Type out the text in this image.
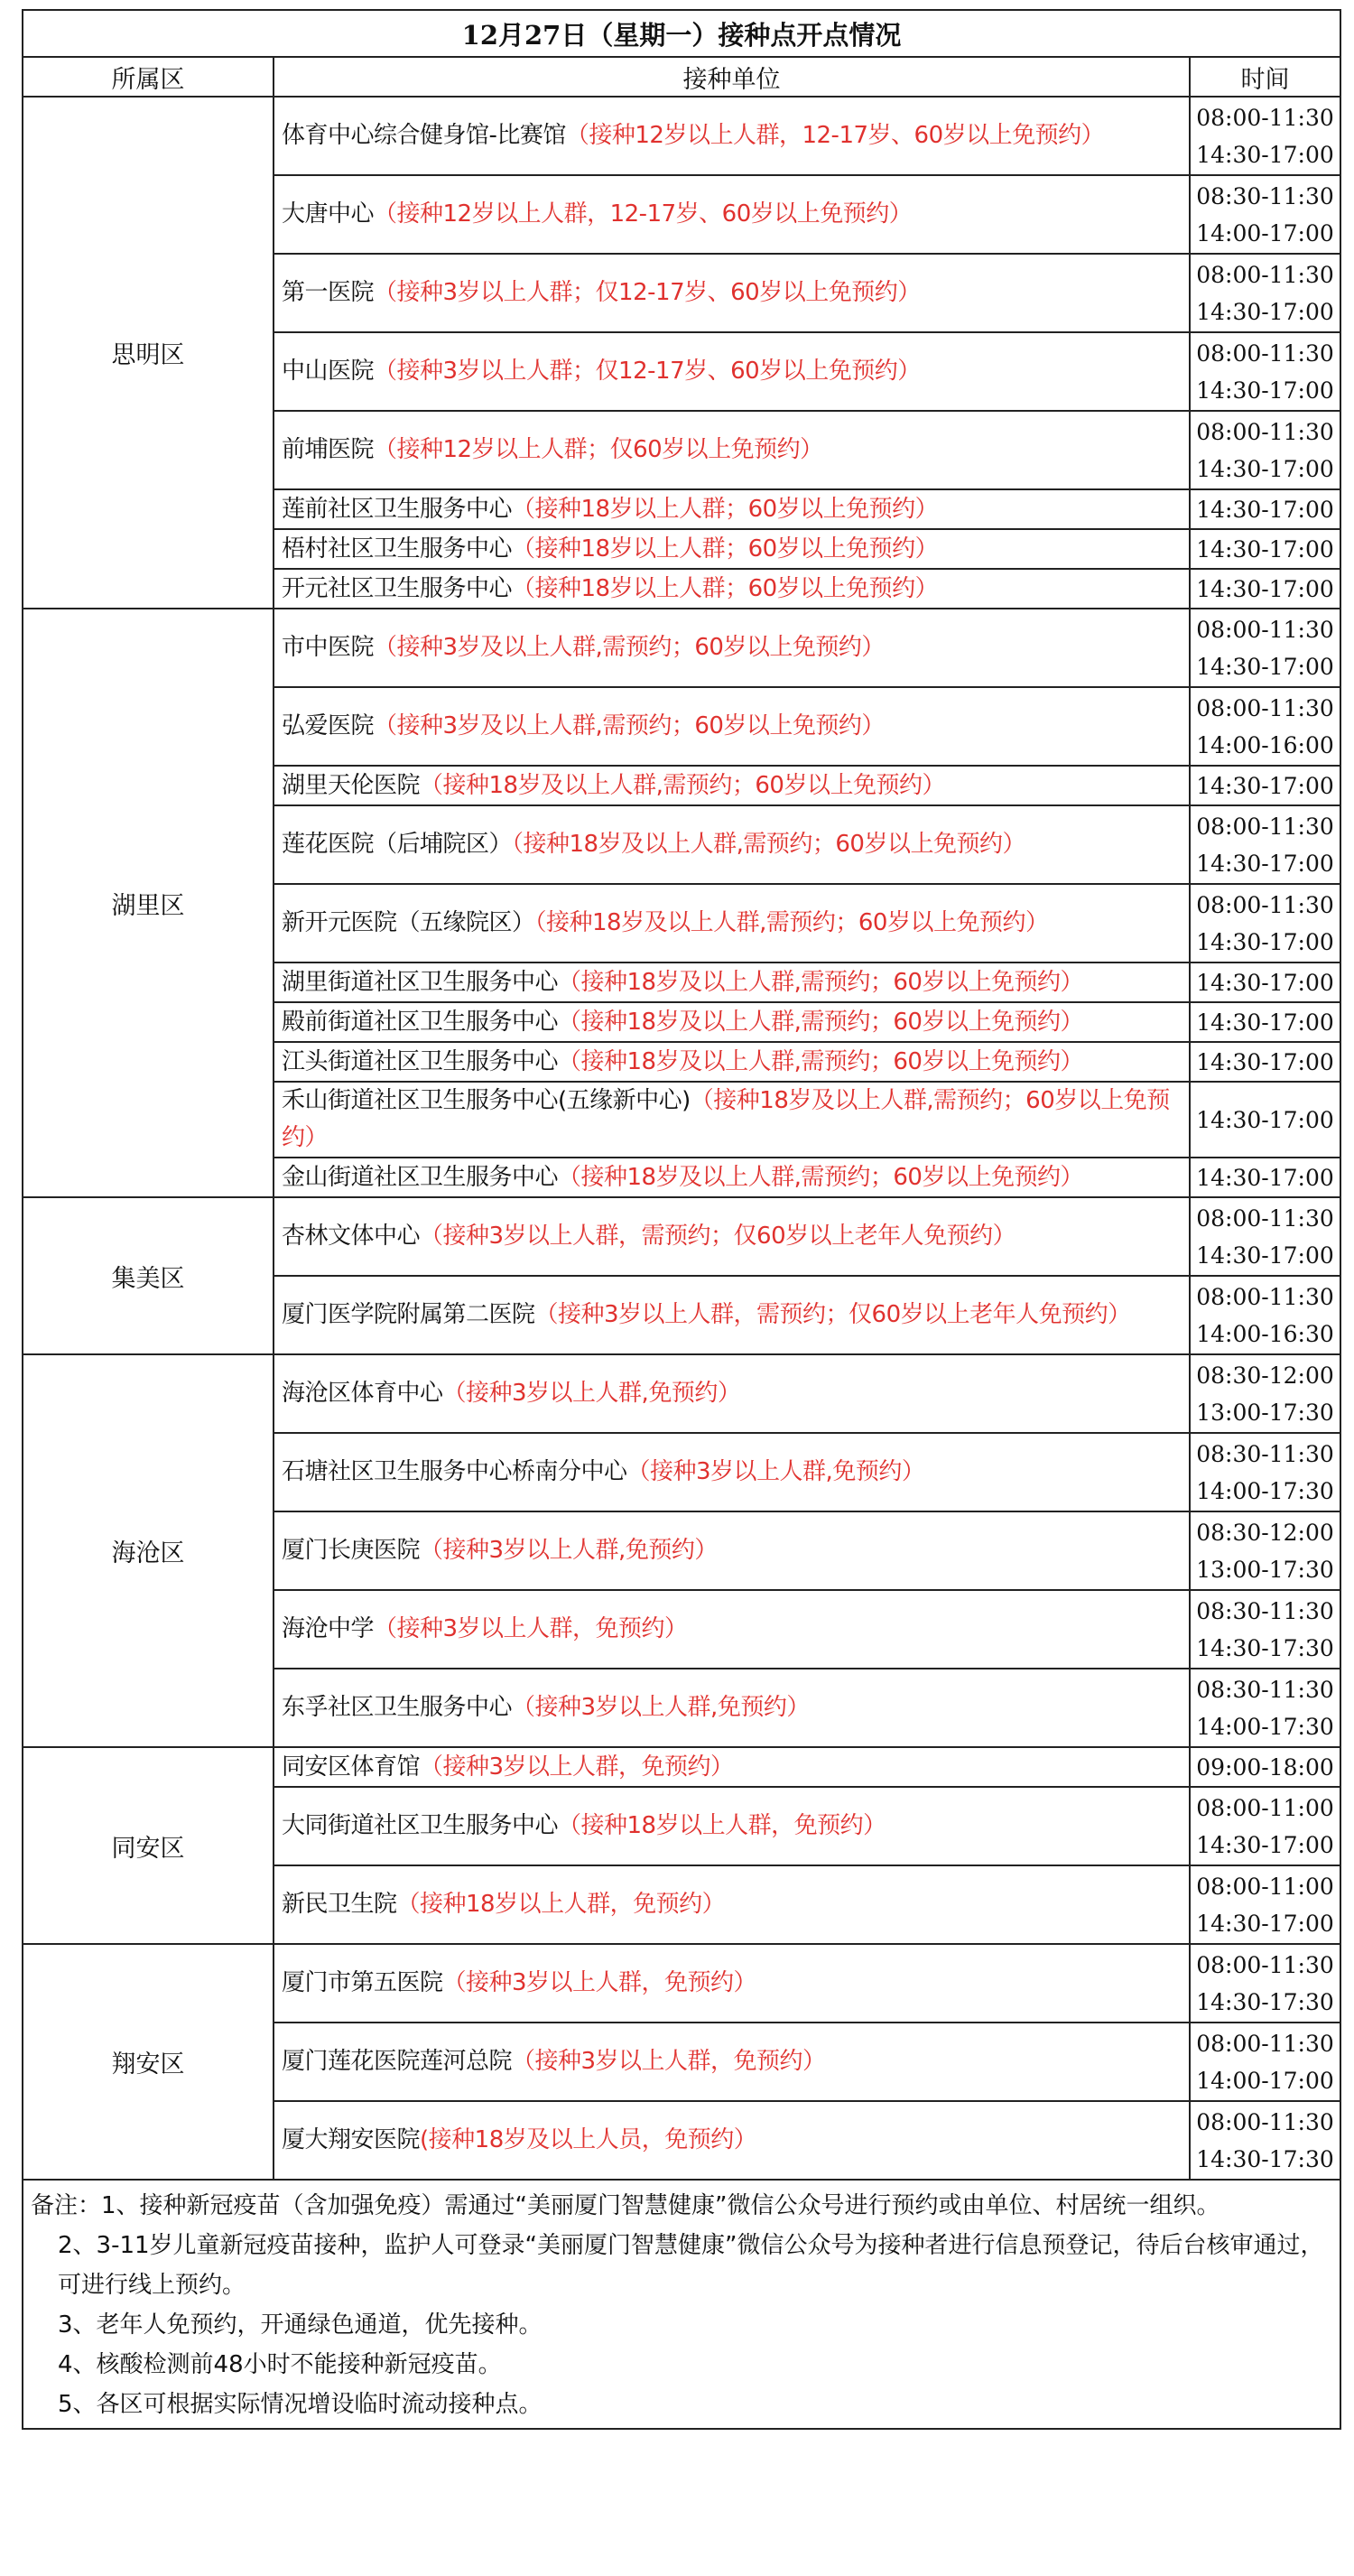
12月27日（星期一）接种点开点情况		
所属区	接种单位	时间
思明区	体育中心综合健身馆-比赛馆（接种12岁以上人群，12-17岁、60岁以上免预约）	08:00-11:30
14:30-17:00

	大唐中心（接种12岁以上人群，12-17岁、60岁以上免预约）	08:30-11:30
14:00-17:00

	第一医院（接种3岁以上人群；仅12-17岁、60岁以上免预约）	08:00-11:30
14:30-17:00

	中山医院（接种3岁以上人群；仅12-17岁、60岁以上免预约）	08:00-11:30
14:30-17:00

	前埔医院（接种12岁以上人群；仅60岁以上免预约）	08:00-11:30
14:30-17:00

	莲前社区卫生服务中心（接种18岁以上人群；60岁以上免预约）	14:30-17:00

	梧村社区卫生服务中心（接种18岁以上人群；60岁以上免预约）	14:30-17:00

	开元社区卫生服务中心（接种18岁以上人群；60岁以上免预约）	14:30-17:00

湖里区	市中医院（接种3岁及以上人群,需预约；60岁以上免预约）	08:00-11:30
14:30-17:00

	弘爱医院（接种3岁及以上人群,需预约；60岁以上免预约）	08:00-11:30
14:00-16:00

	湖里天伦医院（接种18岁及以上人群,需预约；60岁以上免预约）	14:30-17:00

	莲花医院（后埔院区）（接种18岁及以上人群,需预约；60岁以上免预约）	08:00-11:30
14:30-17:00

	新开元医院（五缘院区）（接种18岁及以上人群,需预约；60岁以上免预约）	08:00-11:30
14:30-17:00

	湖里街道社区卫生服务中心（接种18岁及以上人群,需预约；60岁以上免预约）	14:30-17:00

	殿前街道社区卫生服务中心（接种18岁及以上人群,需预约；60岁以上免预约）	14:30-17:00

	江头街道社区卫生服务中心（接种18岁及以上人群,需预约；60岁以上免预约）	14:30-17:00

	禾山街道社区卫生服务中心(五缘新中心)（接种18岁及以上人群,需预约；60岁以上免预约）	14:30-17:00

	金山街道社区卫生服务中心（接种18岁及以上人群,需预约；60岁以上免预约）	14:30-17:00

集美区	杏林文体中心（接种3岁以上人群，需预约；仅60岁以上老年人免预约）	08:00-11:30
14:30-17:00

	厦门医学院附属第二医院（接种3岁以上人群，需预约；仅60岁以上老年人免预约）	08:00-11:30
14:00-16:30

海沧区	海沧区体育中心（接种3岁以上人群,免预约）	08:30-12:00
13:00-17:30

	石塘社区卫生服务中心桥南分中心（接种3岁以上人群,免预约）	08:30-11:30
14:00-17:30

	厦门长庚医院（接种3岁以上人群,免预约）	08:30-12:00
13:00-17:30

	海沧中学（接种3岁以上人群，免预约）	08:30-11:30
14:30-17:30

	东孚社区卫生服务中心（接种3岁以上人群,免预约）	08:30-11:30
14:00-17:30

同安区	同安区体育馆（接种3岁以上人群，免预约）	09:00-18:00

	大同街道社区卫生服务中心（接种18岁以上人群，免预约）	08:00-11:00
14:30-17:00

	新民卫生院（接种18岁以上人群，免预约）	08:00-11:00
14:30-17:00

翔安区	厦门市第五医院（接种3岁以上人群，免预约）	08:00-11:30
14:30-17:30

	厦门莲花医院莲河总院（接种3岁以上人群，免预约）	08:00-11:30
14:00-17:00

	厦大翔安医院(接种18岁及以上人员，免预约）	08:00-11:30
14:30-17:30

备注：1、接种新冠疫苗（含加强免疫）需通过“美丽厦门智慧健康”微信公众号进行预约或由单位、村居统一组织。
2、3-11岁儿童新冠疫苗接种，监护人可登录“美丽厦门智慧健康”微信公众号为接种者进行信息预登记，待后台核审通过，可进行线上预约。
3、老年人免预约，开通绿色通道，优先接种。
4、核酸检测前48小时不能接种新冠疫苗。
5、各区可根据实际情况增设临时流动接种点。		
